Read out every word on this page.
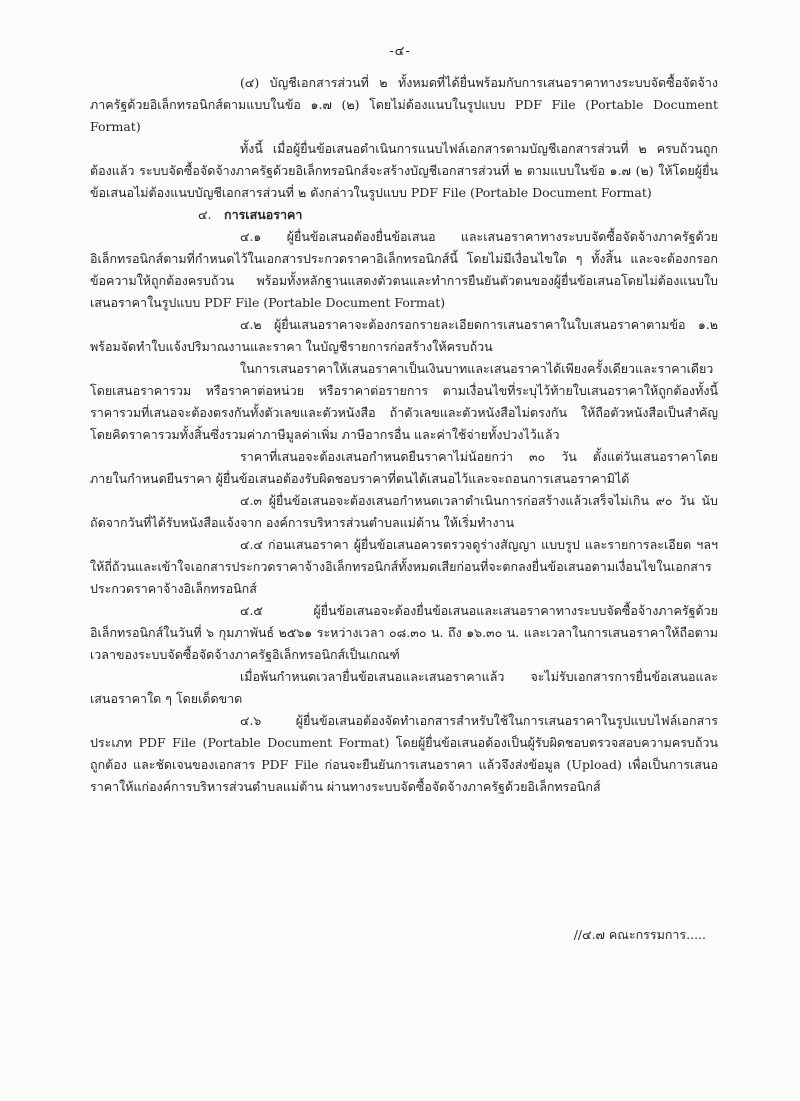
-๔-

(๔) บัญชีเอกสารส่วนที่ ๒ ทั้งหมดที่ได้ยื่นพร้อมกับการเสนอราคาทางระบบจัดซื้อจัดจ้างภาครัฐด้วยอิเล็กทรอนิกส์ตามแบบในข้อ ๑.๗ (๒) โดยไม่ต้องแนบในรูปแบบ PDF File (Portable Document Format)

ทั้งนี้ เมื่อผู้ยื่นข้อเสนอดำเนินการแนบไฟล์เอกสารตามบัญชีเอกสารส่วนที่ ๒ ครบถ้วนถูกต้องแล้ว ระบบจัดซื้อจัดจ้างภาครัฐด้วยอิเล็กทรอนิกส์จะสร้างบัญชีเอกสารส่วนที่ ๒ ตามแบบในข้อ ๑.๗ (๒) ให้โดยผู้ยื่นข้อเสนอไม่ต้องแนบบัญชีเอกสารส่วนที่ ๒ ดังกล่าวในรูปแบบ PDF File (Portable Document Format)

๔. การเสนอราคา

๔.๑ ผู้ยื่นข้อเสนอต้องยื่นข้อเสนอ และเสนอราคาทางระบบจัดซื้อจัดจ้างภาครัฐด้วยอิเล็กทรอนิกส์ตามที่กำหนดไว้ในเอกสารประกวดราคาอิเล็กทรอนิกส์นี้ โดยไม่มีเงื่อนไขใด ๆ ทั้งสิ้น และจะต้องกรอกข้อความให้ถูกต้องครบถ้วน พร้อมทั้งหลักฐานแสดงตัวตนและทำการยืนยันตัวตนของผู้ยื่นข้อเสนอโดยไม่ต้องแนบใบเสนอราคาในรูปแบบ PDF File (Portable Document Format)

๔.๒ ผู้ยื่นเสนอราคาจะต้องกรอกรายละเอียดการเสนอราคาในใบเสนอราคาตามข้อ ๑.๒ พร้อมจัดทำใบแจ้งปริมาณงานและราคา ในบัญชีรายการก่อสร้างให้ครบถ้วน

ในการเสนอราคาให้เสนอราคาเป็นเงินบาทและเสนอราคาได้เพียงครั้งเดียวและราคาเดียว โดยเสนอราคารวม หรือราคาต่อหน่วย หรือราคาต่อรายการ ตามเงื่อนไขที่ระบุไว้ท้ายใบเสนอราคาให้ถูกต้องทั้งนี้ ราคารวมที่เสนอจะต้องตรงกันทั้งตัวเลขและตัวหนังสือ ถ้าตัวเลขและตัวหนังสือไม่ตรงกัน ให้ถือตัวหนังสือเป็นสำคัญ โดยคิดราคารวมทั้งสิ้นซึ่งรวมค่าภาษีมูลค่าเพิ่ม ภาษีอากรอื่น และค่าใช้จ่ายทั้งปวงไว้แล้ว

ราคาที่เสนอจะต้องเสนอกำหนดยืนราคาไม่น้อยกว่า ๓๐ วัน ตั้งแต่วันเสนอราคาโดยภายในกำหนดยืนราคา ผู้ยื่นข้อเสนอต้องรับผิดชอบราคาที่ตนได้เสนอไว้และจะถอนการเสนอราคามิได้

๔.๓ ผู้ยื่นข้อเสนอจะต้องเสนอกำหนดเวลาดำเนินการก่อสร้างแล้วเสร็จไม่เกิน ๙๐ วัน นับถัดจากวันที่ได้รับหนังสือแจ้งจาก องค์การบริหารส่วนตำบลแม่ต้าน ให้เริ่มทำงาน

๔.๔ ก่อนเสนอราคา ผู้ยื่นข้อเสนอควรตรวจดูร่างสัญญา แบบรูป และรายการละเอียด ฯลฯ ให้ถี่ถ้วนและเข้าใจเอกสารประกวดราคาจ้างอิเล็กทรอนิกส์ทั้งหมดเสียก่อนที่จะตกลงยื่นข้อเสนอตามเงื่อนไขในเอกสารประกวดราคาจ้างอิเล็กทรอนิกส์

๔.๕ ผู้ยื่นข้อเสนอจะต้องยื่นข้อเสนอและเสนอราคาทางระบบจัดซื้อจ้างภาครัฐด้วยอิเล็กทรอนิกส์ในวันที่ ๖ กุมภาพันธ์ ๒๕๖๑ ระหว่างเวลา ๐๘.๓๐ น. ถึง ๑๖.๓๐ น. และเวลาในการเสนอราคาให้ถือตามเวลาของระบบจัดซื้อจัดจ้างภาครัฐอิเล็กทรอนิกส์เป็นเกณฑ์

เมื่อพ้นกำหนดเวลายื่นข้อเสนอและเสนอราคาแล้ว จะไม่รับเอกสารการยื่นข้อเสนอและเสนอราคาใด ๆ โดยเด็ดขาด

๔.๖ ผู้ยื่นข้อเสนอต้องจัดทำเอกสารสำหรับใช้ในการเสนอราคาในรูปแบบไฟล์เอกสารประเภท PDF File (Portable Document Format) โดยผู้ยื่นข้อเสนอต้องเป็นผู้รับผิดชอบตรวจสอบความครบถ้วนถูกต้อง และชัดเจนของเอกสาร PDF File ก่อนจะยืนยันการเสนอราคา แล้วจึงส่งข้อมูล (Upload) เพื่อเป็นการเสนอราคาให้แก่องค์การบริหารส่วนตำบลแม่ต้าน ผ่านทางระบบจัดซื้อจัดจ้างภาครัฐด้วยอิเล็กทรอนิกส์

//๔.๗ คณะกรรมการ.....
